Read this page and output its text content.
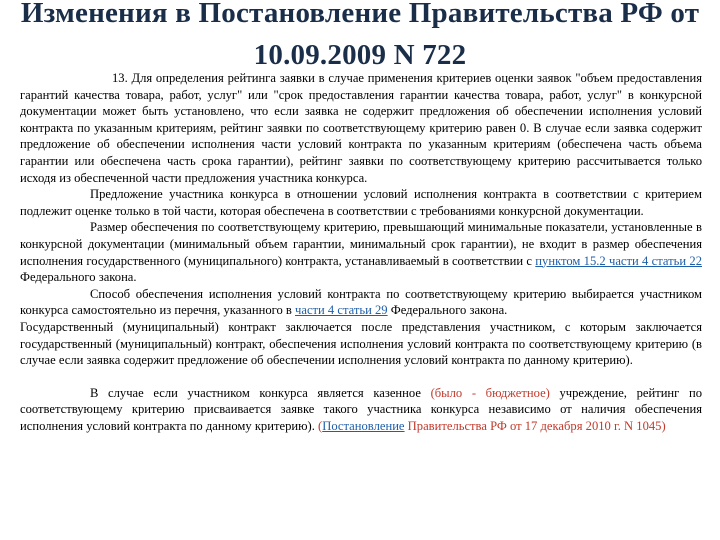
Изменения в Постановление Правительства РФ от
10.09.2009 N 722

13. Для определения рейтинга заявки в случае применения критериев оценки заявок "объем предоставления гарантий качества товара, работ, услуг" или "срок предоставления гарантии качества товара, работ, услуг" в конкурсной документации может быть установлено, что если заявка не содержит предложения об обеспечении исполнения условий контракта по указанным критериям, рейтинг заявки по соответствующему критерию равен 0. В случае если заявка содержит предложение об обеспечении исполнения части условий контракта по указанным критериям (обеспечена часть объема гарантии или обеспечена часть срока гарантии), рейтинг заявки по соответствующему критерию рассчитывается только исходя из обеспеченной части предложения участника конкурса.

Предложение участника конкурса в отношении условий исполнения контракта в соответствии с критерием подлежит оценке только в той части, которая обеспечена в соответствии с требованиями конкурсной документации.

Размер обеспечения по соответствующему критерию, превышающий минимальные показатели, установленные в конкурсной документации (минимальный объем гарантии, минимальный срок гарантии), не входит в размер обеспечения исполнения государственного (муниципального) контракта, устанавливаемый в соответствии с пунктом 15.2 части 4 статьи 22 Федерального закона.

Способ обеспечения исполнения условий контракта по соответствующему критерию выбирается участником конкурса самостоятельно из перечня, указанного в части 4 статьи 29 Федерального закона.

Государственный (муниципальный) контракт заключается после представления участником, с которым заключается государственный (муниципальный) контракт, обеспечения исполнения условий контракта по соответствующему критерию (в случае если заявка содержит предложение об обеспечении исполнения условий контракта по данному критерию).

В случае если участником конкурса является казенное (было - бюджетное) учреждение, рейтинг по соответствующему критерию присваивается заявке такого участника конкурса независимо от наличия обеспечения исполнения условий контракта по данному критерию). (Постановление Правительства РФ от 17 декабря 2010 г. N 1045)
